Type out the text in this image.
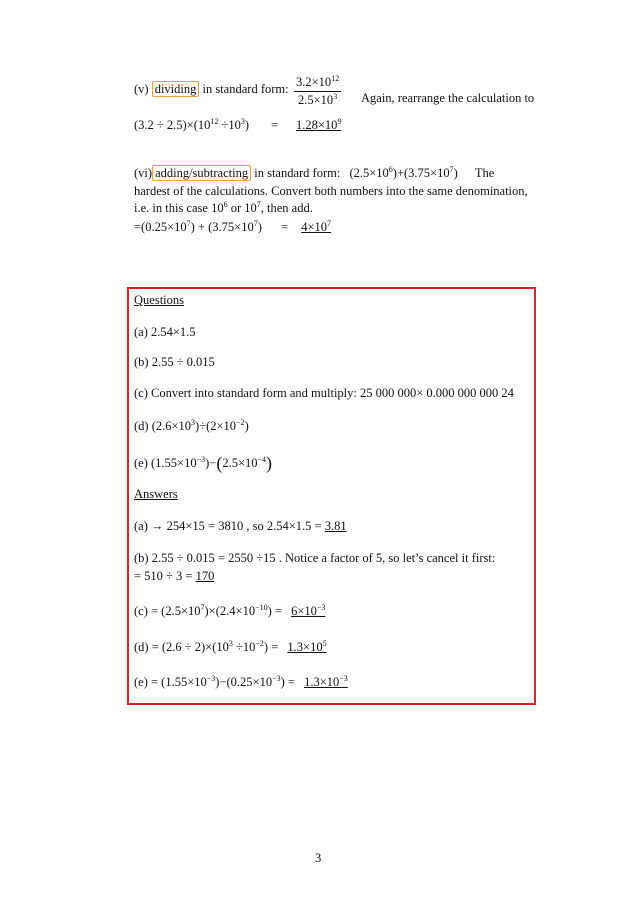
(v) dividing in standard form: $\frac{3.2\times 10^{12}}{2.5\times 10^3}$ Again, rearrange the calculation to
$(3.2 \div 2.5)\times(10^{12} \div 10^3) = 1.28\times 10^9$
(vi) adding/subtracting in standard form: $(2.5\times 10^6)+(3.75\times 10^7)$ The
hardest of the calculations. Convert both numbers into the same denomination,
i.e. in this case $10^6$ or $10^7$, then add.
$=(0.25\times 10^7) + (3.75\times 10^7) = 4\times 10^7$
Questions
(a) 2.54×1.5
(b) 2.55 ÷ 0.015
(c) Convert into standard form and multiply: 25 000 000× 0.000 000 000 24
(d) $(2.6\times 10^3)\div(2\times 10^{-2})$
(e) $(1.55\times 10^{-3})-(2.5\times 10^{-4})$
Answers
(a) → 254×15 = 3810 , so 2.54×1.5 = 3.81
(b) 2.55 ÷ 0.015 = 2550 ÷15 . Notice a factor of 5, so let’s cancel it first:
= 510 ÷ 3 = 170
$(c) = (2.5\times 10^7)\times(2.4\times 10^{-10}) = 6\times 10^{-3}$
$(d) = (2.6 \div 2)\times(10^3 \div 10^{-2}) = 1.3\times 10^5$
$(e) = (1.55\times 10^{-3})-(0.25\times 10^{-3}) = 1.3\times 10^{-3}$
3
